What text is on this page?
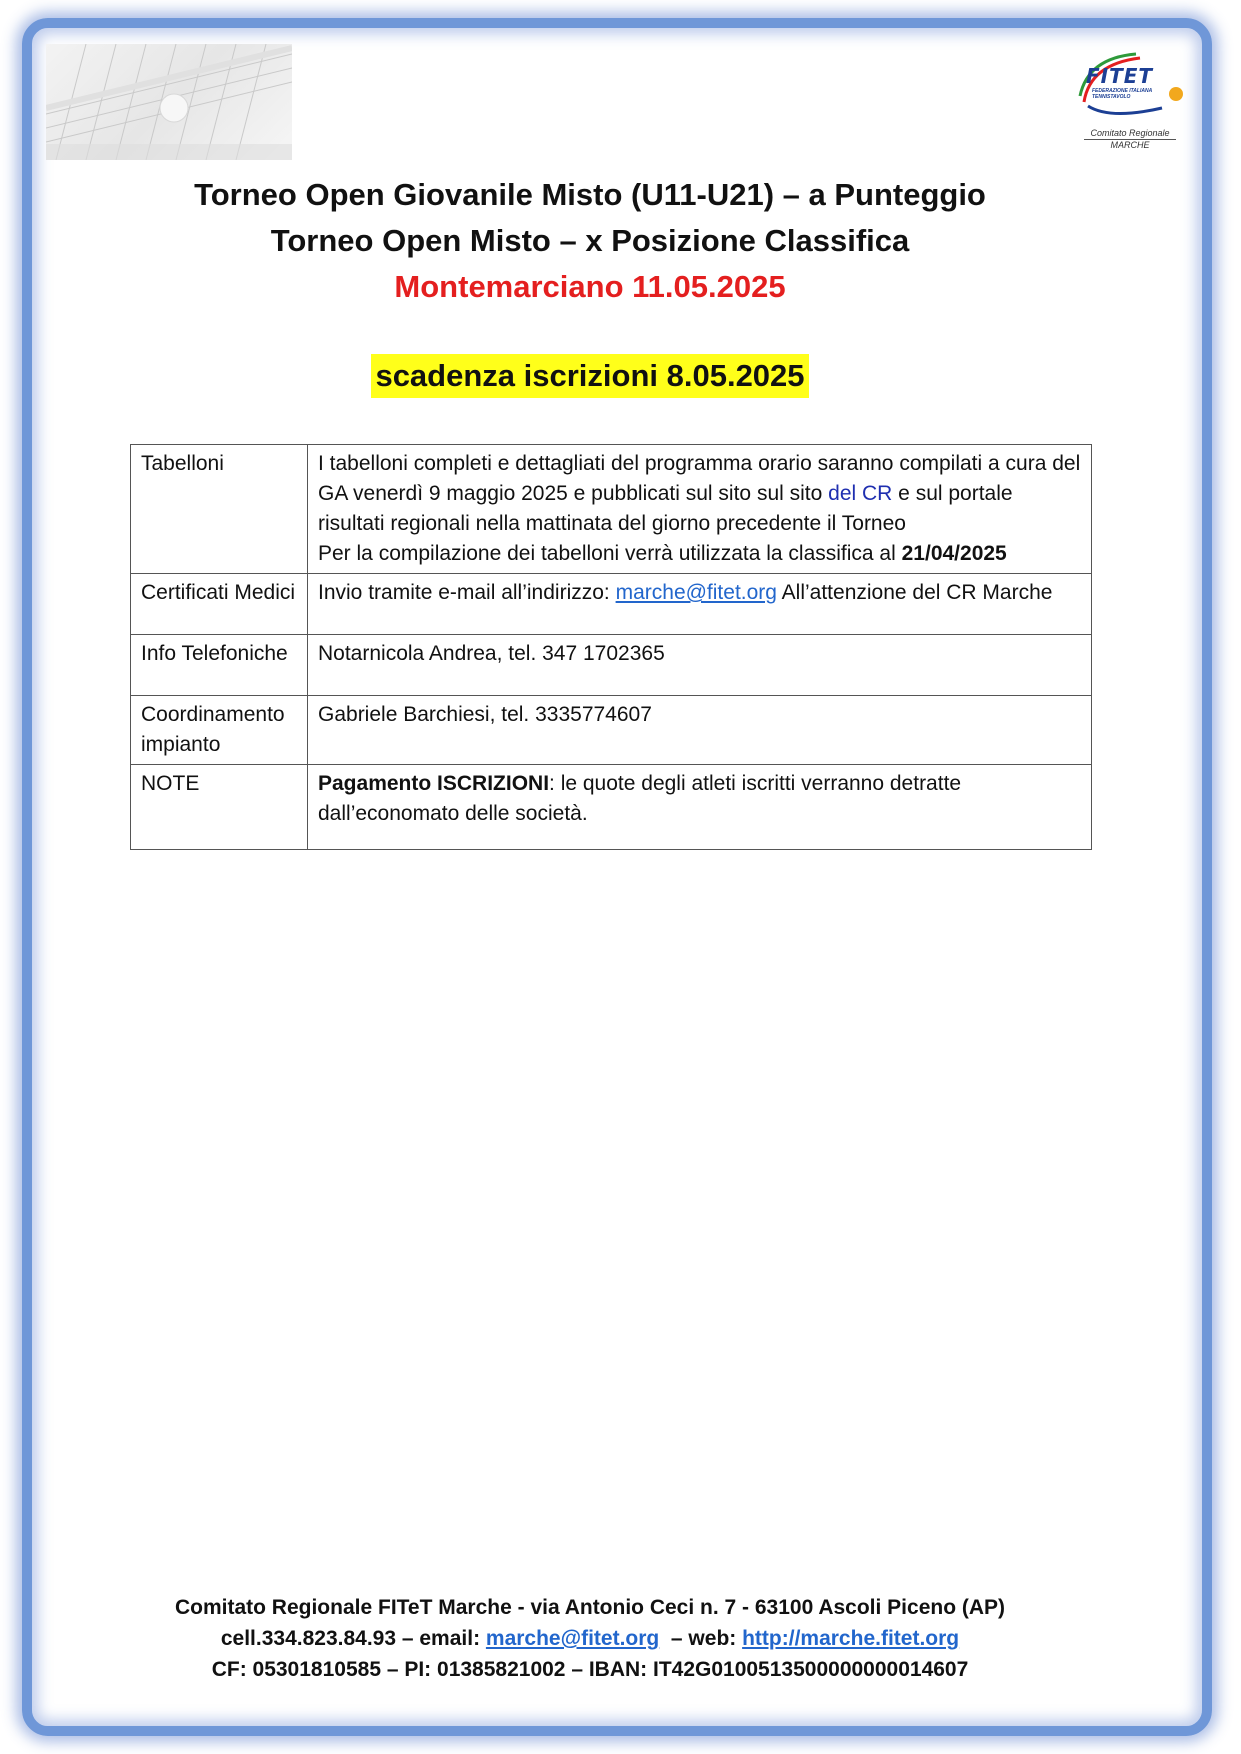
FITET
FEDERAZIONE ITALIANA TENNISTAVOLO
Comitato Regionale
MARCHE
Torneo Open Giovanile Misto (U11-U21) – a Punteggio
Torneo Open Misto – x Posizione Classifica
Montemarciano 11.05.2025
scadenza iscrizioni 8.05.2025
Tabelloni	I tabelloni completi e dettagliati del programma orario saranno compilati a cura del GA venerdì 9 maggio 2025 e pubblicati sul sito sul sito del CR e sul portale risultati regionali nella mattinata del giorno precedente il Torneo
Per la compilazione dei tabelloni verrà utilizzata la classifica al 21/04/2025
Certificati Medici	Invio tramite e-mail all’indirizzo: marche@fitet.org All’attenzione del CR Marche
Info Telefoniche	Notarnicola Andrea, tel. 347 1702365
Coordinamento impianto	Gabriele Barchiesi, tel. 3335774607
NOTE	Pagamento ISCRIZIONI: le quote degli atleti iscritti verranno detratte dall’economato delle società.
Comitato Regionale FITeT Marche - via Antonio Ceci n. 7 - 63100 Ascoli Piceno (AP)
cell.334.823.84.93 – email: marche@fitet.org  – web: http://marche.fitet.org
CF: 05301810585 – PI: 01385821002 – IBAN: IT42G0100513500000000014607
